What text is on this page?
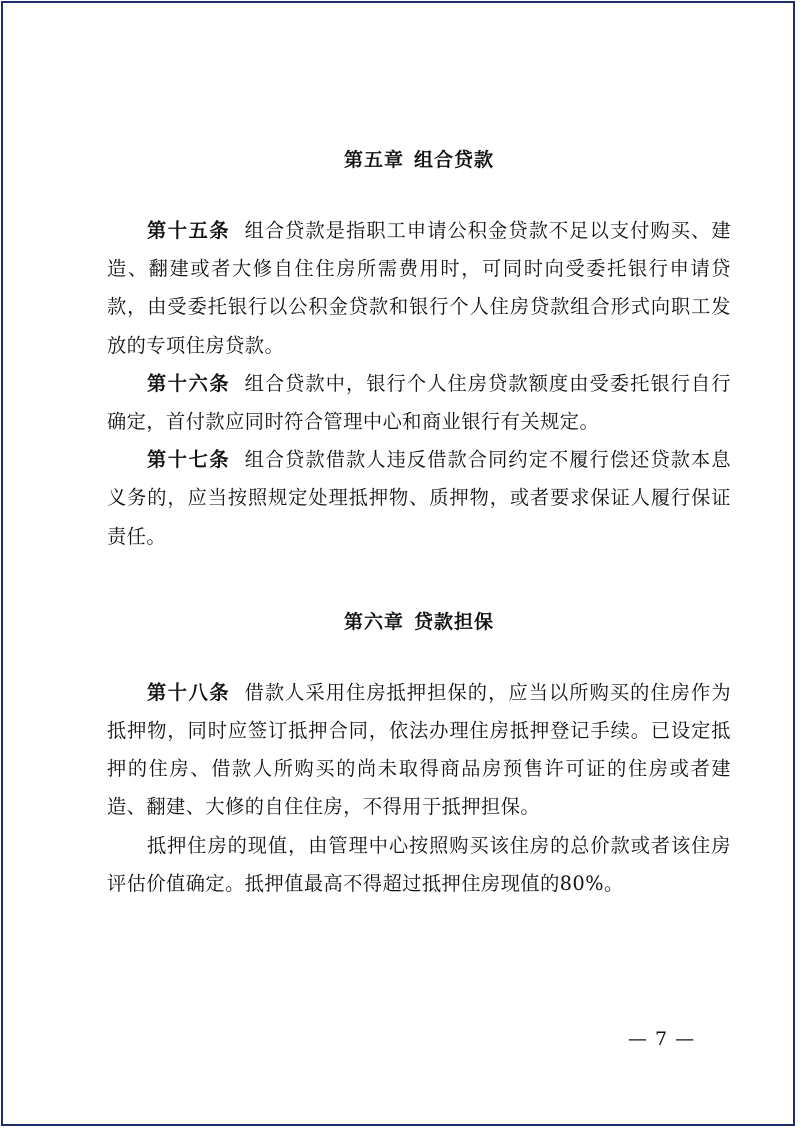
第五章 组合贷款

第十五条 组合贷款是指职工申请公积金贷款不足以支付购买、建造、翻建或者大修自住住房所需费用时，可同时向受委托银行申请贷款，由受委托银行以公积金贷款和银行个人住房贷款组合形式向职工发放的专项住房贷款。

第十六条 组合贷款中，银行个人住房贷款额度由受委托银行自行确定，首付款应同时符合管理中心和商业银行有关规定。

第十七条 组合贷款借款人违反借款合同约定不履行偿还贷款本息义务的，应当按照规定处理抵押物、质押物，或者要求保证人履行保证责任。

第六章 贷款担保

第十八条 借款人采用住房抵押担保的，应当以所购买的住房作为抵押物，同时应签订抵押合同，依法办理住房抵押登记手续。已设定抵押的住房、借款人所购买的尚未取得商品房预售许可证的住房或者建造、翻建、大修的自住住房，不得用于抵押担保。

抵押住房的现值，由管理中心按照购买该住房的总价款或者该住房评估价值确定。抵押值最高不得超过抵押住房现值的80%。

— 7 —
